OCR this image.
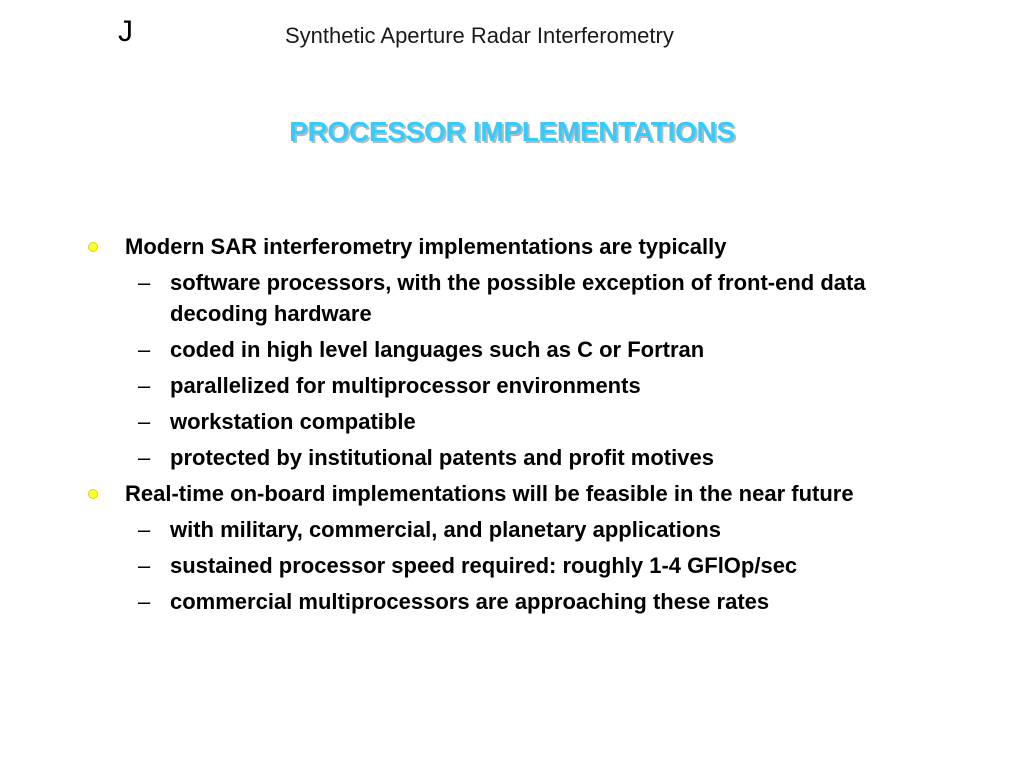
J	Synthetic Aperture Radar Interferometry
PROCESSOR IMPLEMENTATIONS
Modern SAR interferometry implementations are typically
– software processors, with the possible exception of front-end data decoding hardware
– coded in high level languages such as C or Fortran
– parallelized for multiprocessor environments
– workstation compatible
– protected by institutional patents and profit motives
Real-time on-board implementations will be feasible in the near future
– with military, commercial, and planetary applications
– sustained processor speed required: roughly 1-4 GFlOp/sec
– commercial multiprocessors are approaching these rates
